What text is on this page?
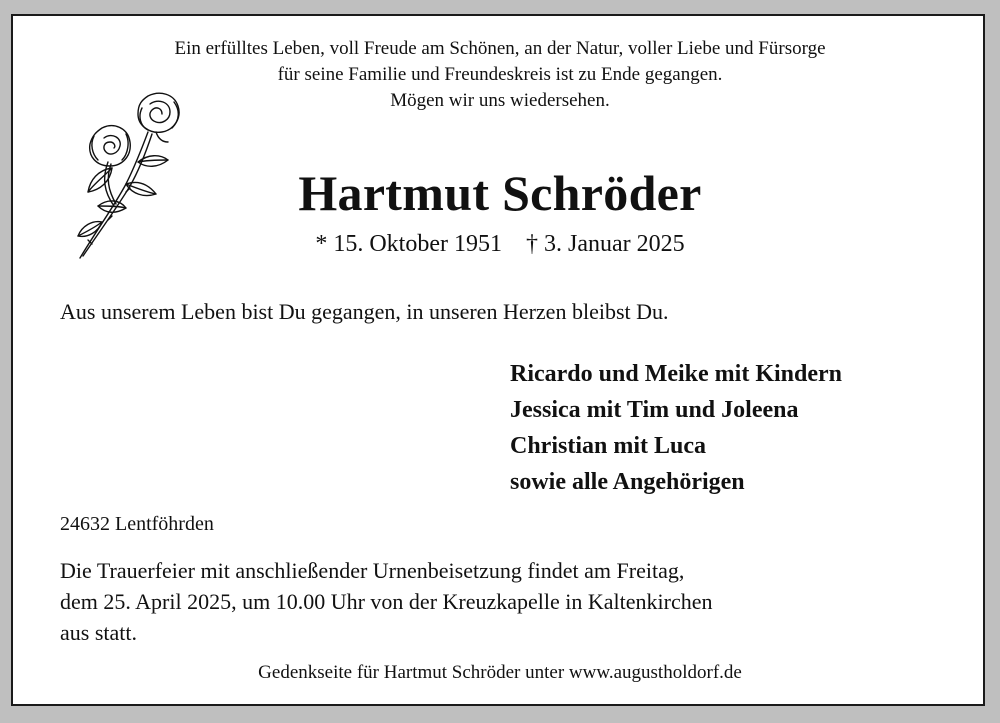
Ein erfülltes Leben, voll Freude am Schönen, an der Natur, voller Liebe und Fürsorge
für seine Familie und Freundeskreis ist zu Ende gegangen.
Mögen wir uns wiedersehen.
Hartmut Schröder
* 15. Oktober 1951 † 3. Januar 2025
Aus unserem Leben bist Du gegangen, in unseren Herzen bleibst Du.
Ricardo und Meike mit Kindern
Jessica mit Tim und Joleena
Christian mit Luca
sowie alle Angehörigen
24632 Lentföhrden
Die Trauerfeier mit anschließender Urnenbeisetzung findet am Freitag,
dem 25. April 2025, um 10.00 Uhr von der Kreuzkapelle in Kaltenkirchen
aus statt.
Gedenkseite für Hartmut Schröder unter www.augustholdorf.de
